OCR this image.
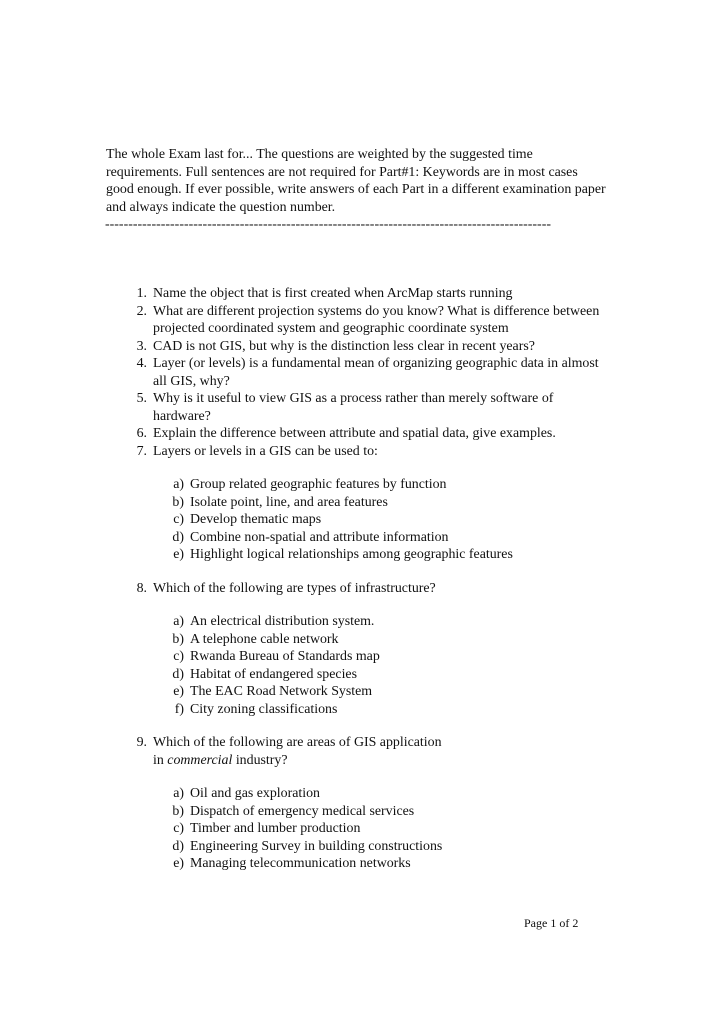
The whole Exam last for... The questions are weighted by the suggested time requirements. Full sentences are not required for Part#1: Keywords are in most cases good enough. If ever possible, write answers of each Part in a different examination paper and always indicate the question number.

------------------------------------------------------------------------------------------------
1. Name the object that is first created when ArcMap starts running
2. What are different projection systems do you know? What is difference between projected coordinated system and geographic coordinate system
3. CAD is not GIS, but why is the distinction less clear in recent years?
4. Layer (or levels) is a fundamental mean of organizing geographic data in almost all GIS, why?
5. Why is it useful to view GIS as a process rather than merely software of hardware?
6. Explain the difference between attribute and spatial data, give examples.
7. Layers or levels in a GIS can be used to:
a) Group related geographic features by function
b) Isolate point, line, and area features
c) Develop thematic maps
d) Combine non-spatial and attribute information
e) Highlight logical relationships among geographic features
8. Which of the following are types of infrastructure?
a) An electrical distribution system.
b) A telephone cable network
c) Rwanda Bureau of Standards map
d) Habitat of endangered species
e) The EAC Road Network System
f) City zoning classifications
9. Which of the following are areas of GIS application
in commercial industry?
a) Oil and gas exploration
b) Dispatch of emergency medical services
c) Timber and lumber production
d) Engineering Survey in building constructions
e) Managing telecommunication networks
Page 1 of 2
